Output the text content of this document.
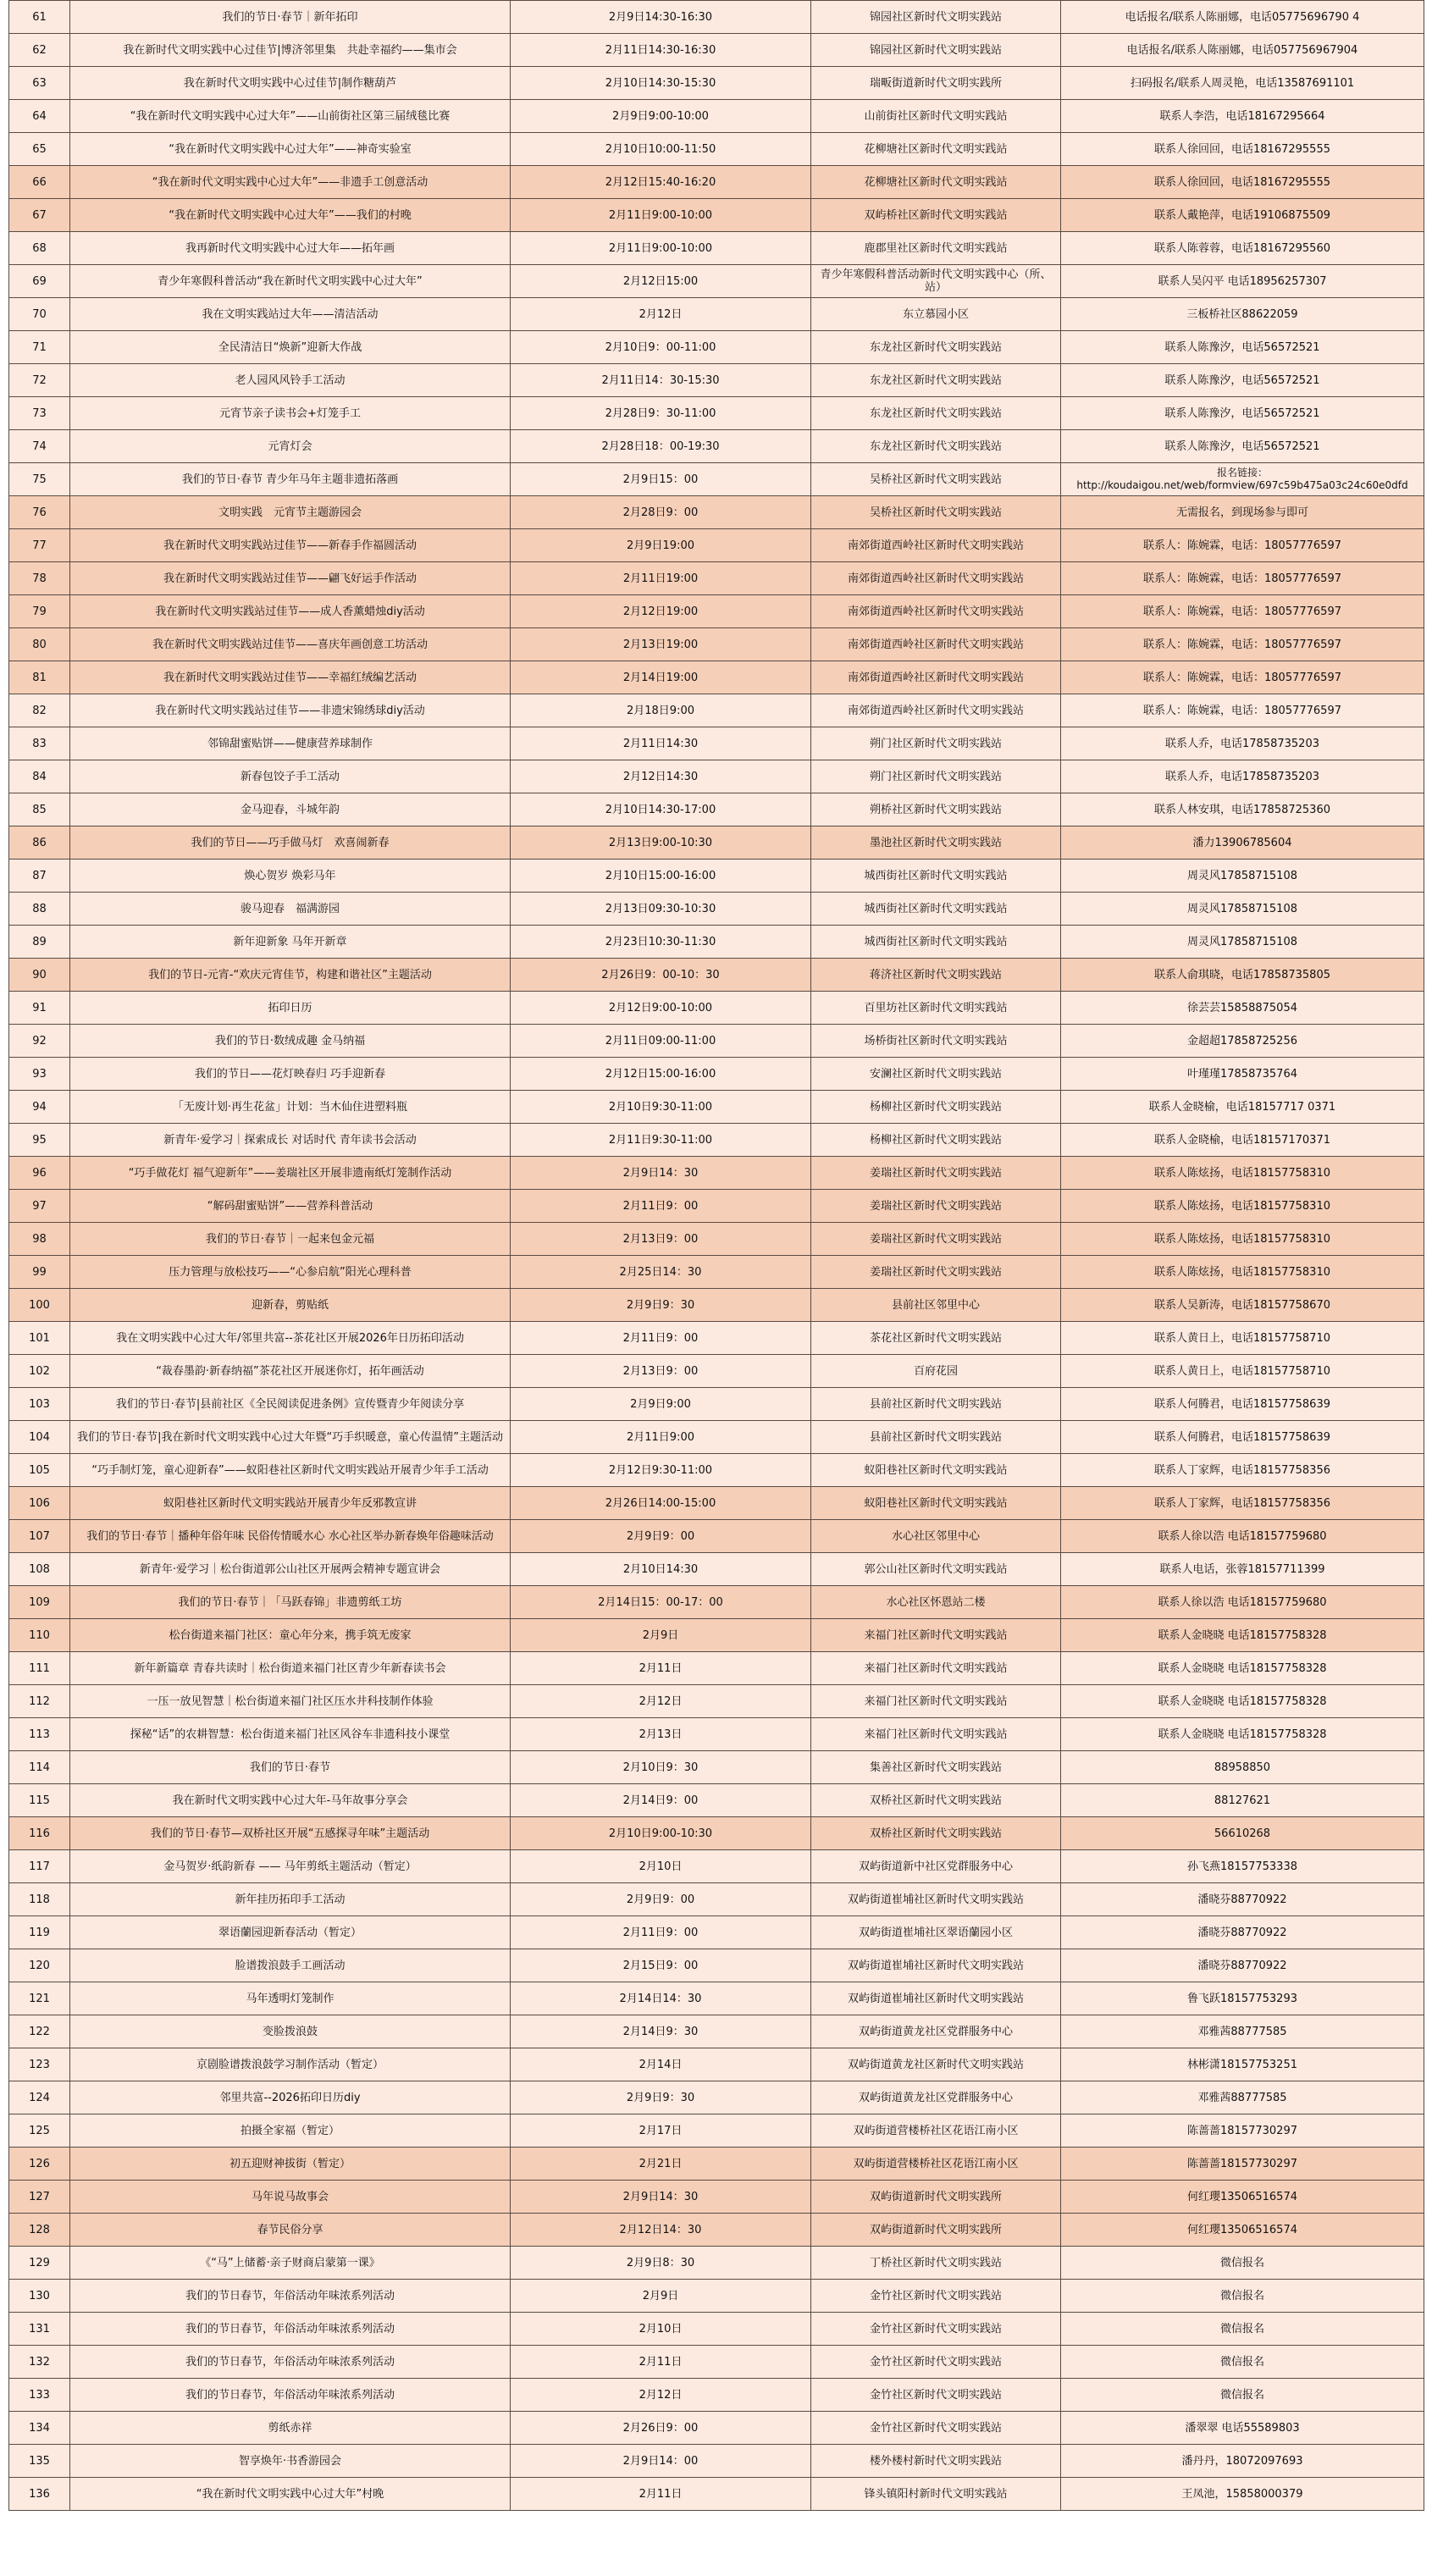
61	我们的节日·春节｜新年拓印	2月9日14:30-16:30	锦园社区新时代文明实践站	电话报名/联系人陈丽娜，电话05775696790 4
62	我在新时代文明实践中心过佳节|博济邻里集　共赴幸福约——集市会	2月11日14:30-16:30	锦园社区新时代文明实践站	电话报名/联系人陈丽娜，电话057756967904
63	我在新时代文明实践中心过佳节|制作糖葫芦	2月10日14:30-15:30	瑞畈街道新时代文明实践所	扫码报名/联系人周灵艳，电话13587691101
64	“我在新时代文明实践中心过大年”——山前街社区第三届绒毯比赛	2月9日9:00-10:00	山前街社区新时代文明实践站	联系人李浩，电话18167295664
65	“我在新时代文明实践中心过大年”——神奇实验室	2月10日10:00-11:50	花柳塘社区新时代文明实践站	联系人徐回回，电话18167295555
66	“我在新时代文明实践中心过大年”——非遗手工创意活动	2月12日15:40-16:20	花柳塘社区新时代文明实践站	联系人徐回回，电话18167295555
67	“我在新时代文明实践中心过大年”——我们的村晚	2月11日9:00-10:00	双屿桥社区新时代文明实践站	联系人戴艳萍，电话19106875509
68	我再新时代文明实践中心过大年——拓年画	2月11日9:00-10:00	鹿郡里社区新时代文明实践站	联系人陈蓉蓉，电话18167295560
69	青少年寒假科普活动“我在新时代文明实践中心过大年”	2月12日15:00	青少年寒假科普活动新时代文明实践中心（所、站）	联系人吴闪平 电话18956257307
70	我在文明实践站过大年——清洁活动	2月12日	东立慕园小区	三板桥社区88622059
71	全民清洁日“焕新”迎新大作战	2月10日9：00-11:00	东龙社区新时代文明实践站	联系人陈豫汐，电话56572521
72	老人园风风铃手工活动	2月11日14：30-15:30	东龙社区新时代文明实践站	联系人陈豫汐，电话56572521
73	元宵节亲子读书会+灯笼手工	2月28日9：30-11:00	东龙社区新时代文明实践站	联系人陈豫汐，电话56572521
74	元宵灯会	2月28日18：00-19:30	东龙社区新时代文明实践站	联系人陈豫汐，电话56572521
75	我们的节日·春节 青少年马年主题非遗拓落画	2月9日15：00	吴桥社区新时代文明实践站	报名链接：http://koudaigou.net/web/formview/697c59b475a03c24c60e0dfd
76	文明实践　元宵节主题游园会	2月28日9：00	吴桥社区新时代文明实践站	无需报名，到现场参与即可
77	我在新时代文明实践站过佳节——新春手作福圆活动	2月9日19:00	南郊街道西岭社区新时代文明实践站	联系人：陈婉霖，电话：18057776597
78	我在新时代文明实践站过佳节——翩飞好运手作活动	2月11日19:00	南郊街道西岭社区新时代文明实践站	联系人：陈婉霖，电话：18057776597
79	我在新时代文明实践站过佳节——成人香薰蜡烛diy活动	2月12日19:00	南郊街道西岭社区新时代文明实践站	联系人：陈婉霖，电话：18057776597
80	我在新时代文明实践站过佳节——喜庆年画创意工坊活动	2月13日19:00	南郊街道西岭社区新时代文明实践站	联系人：陈婉霖，电话：18057776597
81	我在新时代文明实践站过佳节——幸福红绒编艺活动	2月14日19:00	南郊街道西岭社区新时代文明实践站	联系人：陈婉霖，电话：18057776597
82	我在新时代文明实践站过佳节——非遗宋锦绣球diy活动	2月18日9:00	南郊街道西岭社区新时代文明实践站	联系人：陈婉霖，电话：18057776597
83	邻锦甜蜜贴饼——健康营养球制作	2月11日14:30	朔门社区新时代文明实践站	联系人乔，电话17858735203
84	新春包饺子手工活动	2月12日14:30	朔门社区新时代文明实践站	联系人乔，电话17858735203
85	金马迎春，斗城年韵	2月10日14:30-17:00	朔桥社区新时代文明实践站	联系人林安琪，电话17858725360
86	我们的节日——巧手做马灯　欢喜闹新春	2月13日9:00-10:30	墨池社区新时代文明实践站	潘力13906785604
87	焕心贺岁 焕彩马年	2月10日15:00-16:00	城西街社区新时代文明实践站	周灵风17858715108
88	骏马迎春　福满游园	2月13日09:30-10:30	城西街社区新时代文明实践站	周灵风17858715108
89	新年迎新象 马年开新章	2月23日10:30-11:30	城西街社区新时代文明实践站	周灵风17858715108
90	我们的节日-元宵-“欢庆元宵佳节，构建和谐社区”主题活动	2月26日9：00-10：30	蒋济社区新时代文明实践站	联系人俞琪晓，电话17858735805
91	拓印日历	2月12日9:00-10:00	百里坊社区新时代文明实践站	徐芸芸15858875054
92	我们的节日·数绒成趣 金马纳福	2月11日09:00-11:00	场桥街社区新时代文明实践站	金超超17858725256
93	我们的节日——花灯映春归 巧手迎新春	2月12日15:00-16:00	安澜社区新时代文明实践站	叶瑾瑾17858735764
94	「无废计划·再生花盆」计划：当木仙住进塑料瓶	2月10日9:30-11:00	杨柳社区新时代文明实践站	联系人金晓榆，电话18157717 0371
95	新青年·爱学习｜探索成长 对话时代 青年读书会活动	2月11日9:30-11:00	杨柳社区新时代文明实践站	联系人金晓榆，电话18157170371
96	“巧手做花灯 福气迎新年”——姜瑞社区开展非遗南纸灯笼制作活动	2月9日14：30	姜瑞社区新时代文明实践站	联系人陈炫扬，电话18157758310
97	“解码甜蜜贴饼”——营养科普活动	2月11日9：00	姜瑞社区新时代文明实践站	联系人陈炫扬，电话18157758310
98	我们的节日·春节｜一起来包金元福	2月13日9：00	姜瑞社区新时代文明实践站	联系人陈炫扬，电话18157758310
99	压力管理与放松技巧——“心参启航”阳光心理科普	2月25日14：30	姜瑞社区新时代文明实践站	联系人陈炫扬，电话18157758310
100	迎新春，剪贴纸	2月9日9：30	县前社区邻里中心	联系人吴新涛，电话18157758670
101	我在文明实践中心过大年/邻里共富--茶花社区开展2026年日历拓印活动	2月11日9：00	茶花社区新时代文明实践站	联系人黄日上，电话18157758710
102	“裁春墨韵·新春纳福”茶花社区开展迷你灯，拓年画活动	2月13日9：00	百府花园	联系人黄日上，电话18157758710
103	我们的节日·春节|县前社区《全民阅读促进条例》宣传暨青少年阅读分享	2月9日9:00	县前社区新时代文明实践站	联系人何腾君，电话18157758639
104	我们的节日·春节|我在新时代文明实践中心过大年暨“巧手织暖意，童心传温情”主题活动	2月11日9:00	县前社区新时代文明实践站	联系人何腾君，电话18157758639
105	“巧手制灯笼，童心迎新春”——蚁阳巷社区新时代文明实践站开展青少年手工活动	2月12日9:30-11:00	蚁阳巷社区新时代文明实践站	联系人丁家辉，电话18157758356
106	蚁阳巷社区新时代文明实践站开展青少年反邪教宣讲	2月26日14:00-15:00	蚁阳巷社区新时代文明实践站	联系人丁家辉，电话18157758356
107	我们的节日·春节｜播种年俗年味 民俗传情暖水心 水心社区举办新春焕年俗趣味活动	2月9日9：00	水心社区邻里中心	联系人徐以浩 电话18157759680
108	新青年·爱学习｜松台街道郭公山社区开展两会精神专题宣讲会	2月10日14:30	郭公山社区新时代文明实践站	联系人电话，张蓉18157711399
109	我们的节日·春节｜「马跃春锦」非遗剪纸工坊	2月14日15：00-17：00	水心社区怀恩站二楼	联系人徐以浩 电话18157759680
110	松台街道来福门社区：童心年分来，携手筑无废家	2月9日	来福门社区新时代文明实践站	联系人金晓晓 电话18157758328
111	新年新篇章 青春共读时｜松台街道来福门社区青少年新春读书会	2月11日	来福门社区新时代文明实践站	联系人金晓晓 电话18157758328
112	一压一放见智慧｜松台街道来福门社区压水井科技制作体验	2月12日	来福门社区新时代文明实践站	联系人金晓晓 电话18157758328
113	探秘“话”的农耕智慧：松台街道来福门社区风谷车非遗科技小课堂	2月13日	来福门社区新时代文明实践站	联系人金晓晓 电话18157758328
114	我们的节日·春节	2月10日9：30	集善社区新时代文明实践站	88958850
115	我在新时代文明实践中心过大年-马年故事分享会	2月14日9：00	双桥社区新时代文明实践站	88127621
116	我们的节日·春节—双桥社区开展“五感探寻年味”主题活动	2月10日9:00-10:30	双桥社区新时代文明实践站	56610268
117	金马贺岁·纸韵新春 —— 马年剪纸主题活动（暂定）	2月10日	双屿街道新中社区党群服务中心	孙飞燕18157753338
118	新年挂历拓印手工活动	2月9日9：00	双屿街道崔埔社区新时代文明实践站	潘晓芬88770922
119	翠语蘭园迎新春活动（暂定）	2月11日9：00	双屿街道崔埔社区翠语蘭园小区	潘晓芬88770922
120	脸谱拨浪鼓手工画活动	2月15日9：00	双屿街道崔埔社区新时代文明实践站	潘晓芬88770922
121	马年透明灯笼制作	2月14日14：30	双屿街道崔埔社区新时代文明实践站	鲁飞跃18157753293
122	变脸拨浪鼓	2月14日9：30	双屿街道黄龙社区党群服务中心	邓雅茜88777585
123	京剧脸谱拨浪鼓学习制作活动（暂定）	2月14日	双屿街道黄龙社区新时代文明实践站	林彬潇18157753251
124	邻里共富--2026拓印日历diy	2月9日9：30	双屿街道黄龙社区党群服务中心	邓雅茜88777585
125	拍摄全家福（暂定）	2月17日	双屿街道营楼桥社区花语江南小区	陈蔷蔷18157730297
126	初五迎财神拔街（暂定）	2月21日	双屿街道营楼桥社区花语江南小区	陈蔷蔷18157730297
127	马年说马故事会	2月9日14：30	双屿街道新时代文明实践所	何红瓔13506516574
128	春节民俗分享	2月12日14：30	双屿街道新时代文明实践所	何红瓔13506516574
129	《“马”上储蓄·亲子财商启蒙第一课》	2月9日8：30	丁桥社区新时代文明实践站	微信报名
130	我们的节日春节，年俗活动年味浓系列活动	2月9日	金竹社区新时代文明实践站	微信报名
131	我们的节日春节，年俗活动年味浓系列活动	2月10日	金竹社区新时代文明实践站	微信报名
132	我们的节日春节，年俗活动年味浓系列活动	2月11日	金竹社区新时代文明实践站	微信报名
133	我们的节日春节，年俗活动年味浓系列活动	2月12日	金竹社区新时代文明实践站	微信报名
134	剪纸赤祥	2月26日9：00	金竹社区新时代文明实践站	潘翠翠 电话55589803
135	智享焕年·书香游园会	2月9日14：00	楼外楼村新时代文明实践站	潘丹丹，18072097693
136	“我在新时代文明实践中心过大年”村晚	2月11日	锋头镇阳村新时代文明实践站	王凤池，15858000379
